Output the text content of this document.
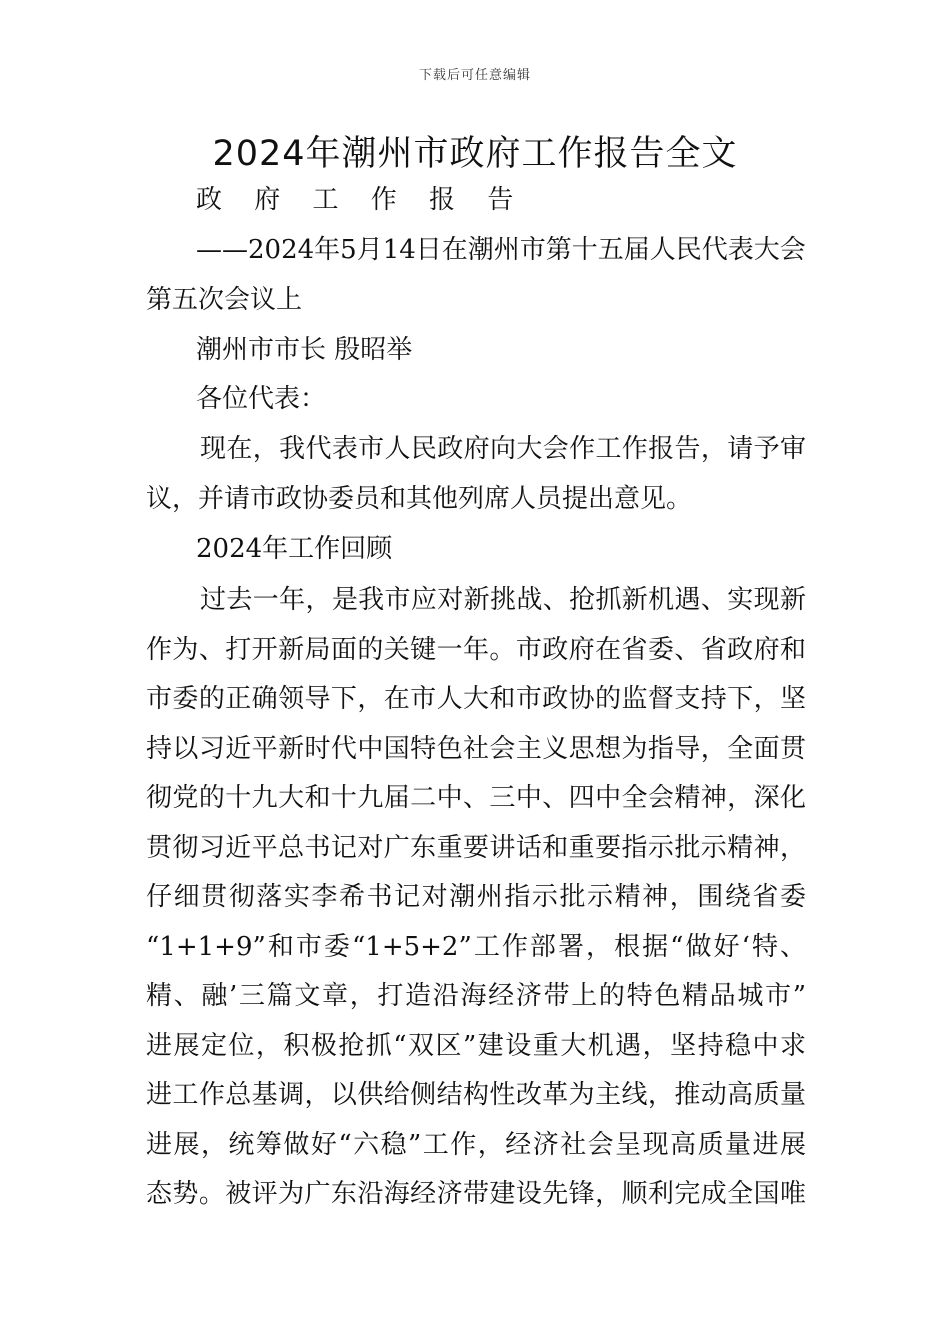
下载后可任意编辑
2024年潮州市政府工作报告全文
政 府 工 作 报 告
——2024年5月14日在潮州市第十五届人民代表大会
第五次会议上
潮州市市长 殷昭举
各位代表：
现在，我代表市人民政府向大会作工作报告，请予审
议，并请市政协委员和其他列席人员提出意见。
2024年工作回顾
过去一年，是我市应对新挑战、抢抓新机遇、实现新
作为、打开新局面的关键一年。市政府在省委、省政府和
市委的正确领导下，在市人大和市政协的监督支持下，坚
持以习近平新时代中国特色社会主义思想为指导，全面贯
彻党的十九大和十九届二中、三中、四中全会精神，深化
贯彻习近平总书记对广东重要讲话和重要指示批示精神，
仔细贯彻落实李希书记对潮州指示批示精神，围绕省委
“1+1+9”和市委“1+5+2”工作部署，根据“做好‘特、
精、融’三篇文章，打造沿海经济带上的特色精品城市”
进展定位，积极抢抓“双区”建设重大机遇，坚持稳中求
进工作总基调，以供给侧结构性改革为主线，推动高质量
进展，统筹做好“六稳”工作，经济社会呈现高质量进展
态势。被评为广东沿海经济带建设先锋，顺利完成全国唯
